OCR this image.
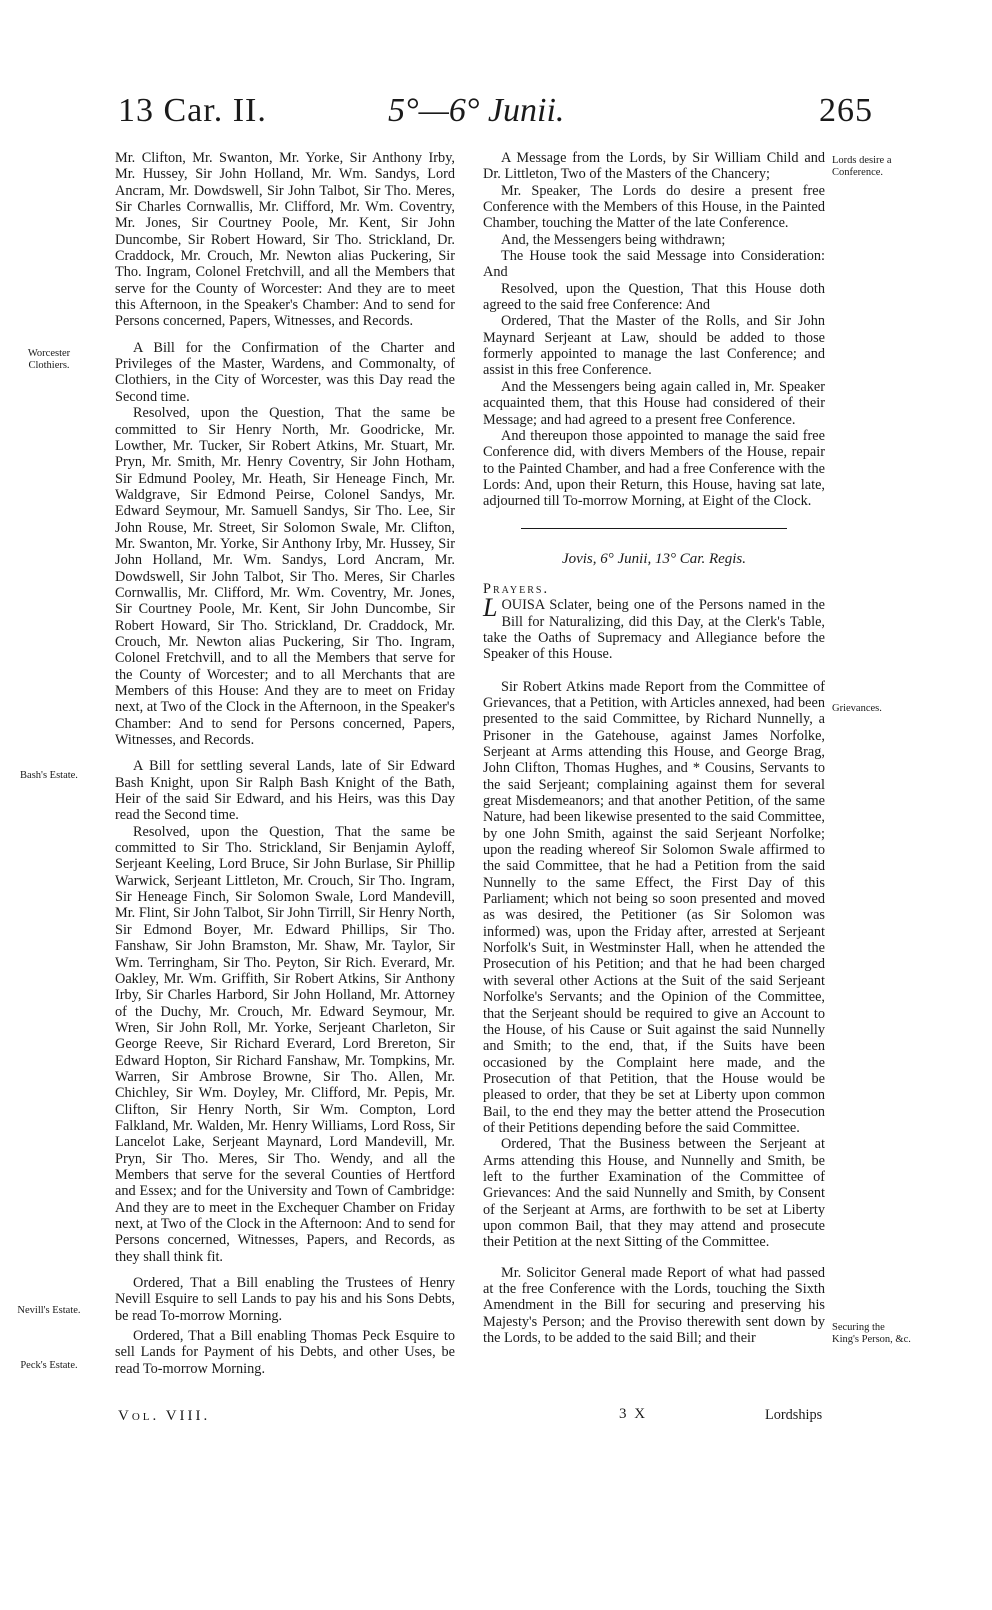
13 Car. II.	5°—6° Junii.	265
Worcester Clothiers.
Bash's Estate.
Nevill's Estate.
Peck's Estate.
Lords desire a Conference.
Grievances.
Securing the King's Person, &c.

Mr. Clifton, Mr. Swanton, Mr. Yorke, Sir Anthony Irby, Mr. Hussey, Sir John Holland, Mr. Wm. Sandys, Lord Ancram, Mr. Dowdswell, Sir John Talbot, Sir Tho. Meres, Sir Charles Cornwallis, Mr. Clifford, Mr. Wm. Coventry, Mr. Jones, Sir Courtney Poole, Mr. Kent, Sir John Duncombe, Sir Robert Howard, Sir Tho. Strickland, Dr. Craddock, Mr. Crouch, Mr. Newton alias Puckering, Sir Tho. Ingram, Colonel Fretchvill, and all the Members that serve for the County of Worcester: And they are to meet this Afternoon, in the Speaker's Chamber: And to send for Persons concerned, Papers, Witnesses, and Records.

A Bill for the Confirmation of the Charter and Privileges of the Master, Wardens, and Commonalty, of Clothiers, in the City of Worcester, was this Day read the Second time.

Resolved, upon the Question, That the same be committed to Sir Henry North, Mr. Goodricke, Mr. Lowther, Mr. Tucker, Sir Robert Atkins, Mr. Stuart, Mr. Pryn, Mr. Smith, Mr. Henry Coventry, Sir John Hotham, Sir Edmund Pooley, Mr. Heath, Sir Heneage Finch, Mr. Waldgrave, Sir Edmond Peirse, Colonel Sandys, Mr. Edward Seymour, Mr. Samuell Sandys, Sir Tho. Lee, Sir John Rouse, Mr. Street, Sir Solomon Swale, Mr. Clifton, Mr. Swanton, Mr. Yorke, Sir Anthony Irby, Mr. Hussey, Sir John Holland, Mr. Wm. Sandys, Lord Ancram, Mr. Dowdswell, Sir John Talbot, Sir Tho. Meres, Sir Charles Cornwallis, Mr. Clifford, Mr. Wm. Coventry, Mr. Jones, Sir Courtney Poole, Mr. Kent, Sir John Duncombe, Sir Robert Howard, Sir Tho. Strickland, Dr. Craddock, Mr. Crouch, Mr. Newton alias Puckering, Sir Tho. Ingram, Colonel Fretchvill, and to all the Members that serve for the County of Worcester; and to all Merchants that are Members of this House: And they are to meet on Friday next, at Two of the Clock in the Afternoon, in the Speaker's Chamber: And to send for Persons concerned, Papers, Witnesses, and Records.

A Bill for settling several Lands, late of Sir Edward Bash Knight, upon Sir Ralph Bash Knight of the Bath, Heir of the said Sir Edward, and his Heirs, was this Day read the Second time.

Resolved, upon the Question, That the same be committed to Sir Tho. Strickland, Sir Benjamin Ayloff, Serjeant Keeling, Lord Bruce, Sir John Burlase, Sir Phillip Warwick, Serjeant Littleton, Mr. Crouch, Sir Tho. Ingram, Sir Heneage Finch, Sir Solomon Swale, Lord Mandevill, Mr. Flint, Sir John Talbot, Sir John Tirrill, Sir Henry North, Sir Edmond Boyer, Mr. Edward Phillips, Sir Tho. Fanshaw, Sir John Bramston, Mr. Shaw, Mr. Taylor, Sir Wm. Terringham, Sir Tho. Peyton, Sir Rich. Everard, Mr. Oakley, Mr. Wm. Griffith, Sir Robert Atkins, Sir Anthony Irby, Sir Charles Harbord, Sir John Holland, Mr. Attorney of the Duchy, Mr. Crouch, Mr. Edward Seymour, Mr. Wren, Sir John Roll, Mr. Yorke, Serjeant Charleton, Sir George Reeve, Sir Richard Everard, Lord Brereton, Sir Edward Hopton, Sir Richard Fanshaw, Mr. Tompkins, Mr. Warren, Sir Ambrose Browne, Sir Tho. Allen, Mr. Chichley, Sir Wm. Doyley, Mr. Clifford, Mr. Pepis, Mr. Clifton, Sir Henry North, Sir Wm. Compton, Lord Falkland, Mr. Walden, Mr. Henry Williams, Lord Ross, Sir Lancelot Lake, Serjeant Maynard, Lord Mandevill, Mr. Pryn, Sir Tho. Meres, Sir Tho. Wendy, and all the Members that serve for the several Counties of Hertford and Essex; and for the University and Town of Cambridge: And they are to meet in the Exchequer Chamber on Friday next, at Two of the Clock in the Afternoon: And to send for Persons concerned, Witnesses, Papers, and Records, as they shall think fit.

Ordered, That a Bill enabling the Trustees of Henry Nevill Esquire to sell Lands to pay his and his Sons Debts, be read To-morrow Morning.

Ordered, That a Bill enabling Thomas Peck Esquire to sell Lands for Payment of his Debts, and other Uses, be read To-morrow Morning.

A Message from the Lords, by Sir William Child and Dr. Littleton, Two of the Masters of the Chancery;

Mr. Speaker, The Lords do desire a present free Conference with the Members of this House, in the Painted Chamber, touching the Matter of the late Conference.

And, the Messengers being withdrawn;

The House took the said Message into Consideration: And

Resolved, upon the Question, That this House doth agreed to the said free Conference: And

Ordered, That the Master of the Rolls, and Sir John Maynard Serjeant at Law, should be added to those formerly appointed to manage the last Conference; and assist in this free Conference.

And the Messengers being again called in, Mr. Speaker acquainted them, that this House had considered of their Message; and had agreed to a present free Conference.

And thereupon those appointed to manage the said free Conference did, with divers Members of the House, repair to the Painted Chamber, and had a free Conference with the Lords: And, upon their Return, this House, having sat late, adjourned till To-morrow Morning, at Eight of the Clock.

Jovis, 6° Junii, 13° Car. Regis.

Prayers.

LOUISA Sclater, being one of the Persons named in the Bill for Naturalizing, did this Day, at the Clerk's Table, take the Oaths of Supremacy and Allegiance before the Speaker of this House.

Sir Robert Atkins made Report from the Committee of Grievances, that a Petition, with Articles annexed, had been presented to the said Committee, by Richard Nunnelly, a Prisoner in the Gatehouse, against James Norfolke, Serjeant at Arms attending this House, and George Brag, John Clifton, Thomas Hughes, and * Cousins, Servants to the said Serjeant; complaining against them for several great Misdemeanors; and that another Petition, of the same Nature, had been likewise presented to the said Committee, by one John Smith, against the said Serjeant Norfolke; upon the reading whereof Sir Solomon Swale affirmed to the said Committee, that he had a Petition from the said Nunnelly to the same Effect, the First Day of this Parliament; which not being so soon presented and moved as was desired, the Petitioner (as Sir Solomon was informed) was, upon the Friday after, arrested at Serjeant Norfolk's Suit, in Westminster Hall, when he attended the Prosecution of his Petition; and that he had been charged with several other Actions at the Suit of the said Serjeant Norfolke's Servants; and the Opinion of the Committee, that the Serjeant should be required to give an Account to the House, of his Cause or Suit against the said Nunnelly and Smith; to the end, that, if the Suits have been occasioned by the Complaint here made, and the Prosecution of that Petition, that the House would be pleased to order, that they be set at Liberty upon common Bail, to the end they may the better attend the Prosecution of their Petitions depending before the said Committee.

Ordered, That the Business between the Serjeant at Arms attending this House, and Nunnelly and Smith, be left to the further Examination of the Committee of Grievances: And the said Nunnelly and Smith, by Consent of the Serjeant at Arms, are forthwith to be set at Liberty upon common Bail, that they may attend and prosecute their Petition at the next Sitting of the Committee.

Mr. Solicitor General made Report of what had passed at the free Conference with the Lords, touching the Sixth Amendment in the Bill for securing and preserving his Majesty's Person; and the Proviso therewith sent down by the Lords, to be added to the said Bill; and their

Vol. VIII.	3 X	Lordships
